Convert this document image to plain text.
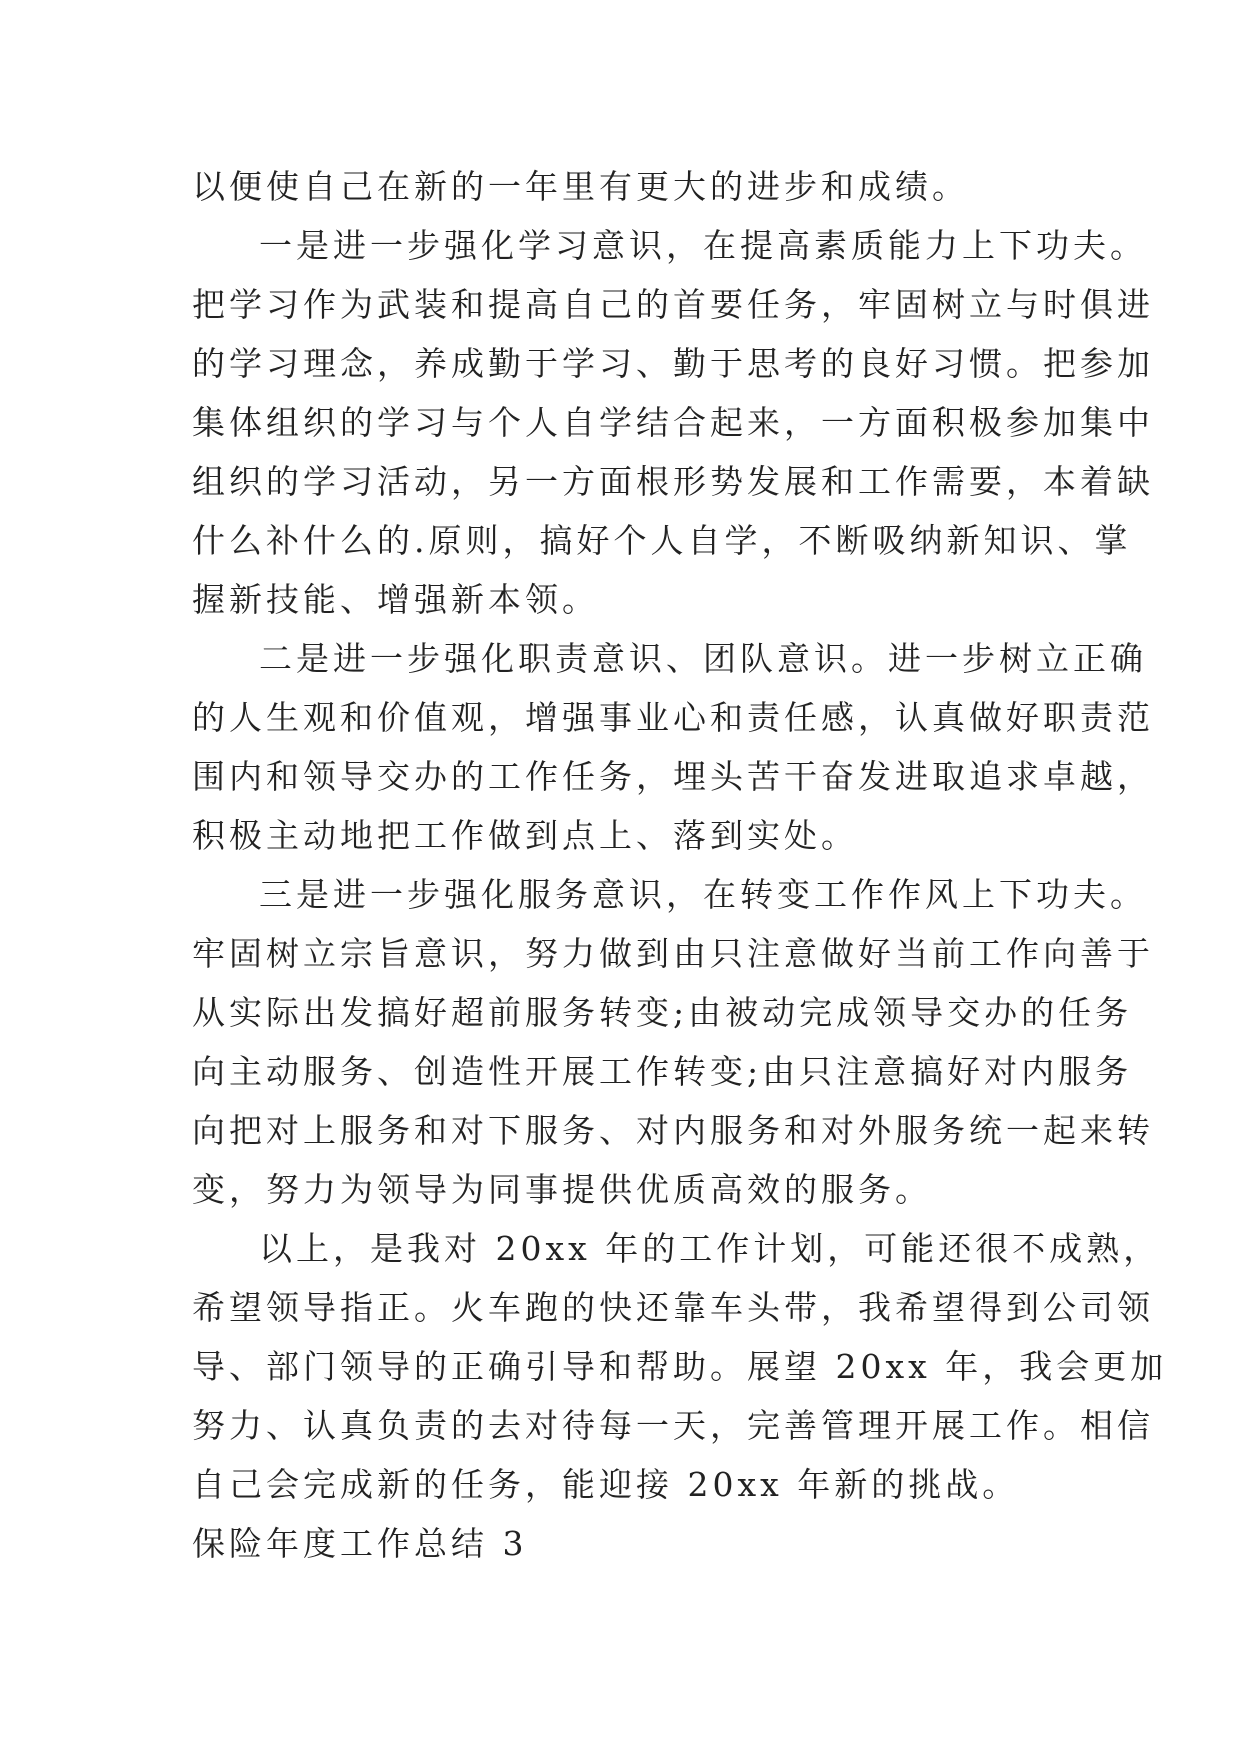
以便使自己在新的一年里有更大的进步和成绩。
一是进一步强化学习意识，在提高素质能力上下功夫。
把学习作为武装和提高自己的首要任务，牢固树立与时俱进
的学习理念，养成勤于学习、勤于思考的良好习惯。把参加
集体组织的学习与个人自学结合起来，一方面积极参加集中
组织的学习活动，另一方面根形势发展和工作需要，本着缺
什么补什么的.原则，搞好个人自学，不断吸纳新知识、掌
握新技能、增强新本领。
二是进一步强化职责意识、团队意识。进一步树立正确
的人生观和价值观，增强事业心和责任感，认真做好职责范
围内和领导交办的工作任务，埋头苦干奋发进取追求卓越，
积极主动地把工作做到点上、落到实处。
三是进一步强化服务意识，在转变工作作风上下功夫。
牢固树立宗旨意识，努力做到由只注意做好当前工作向善于
从实际出发搞好超前服务转变;由被动完成领导交办的任务
向主动服务、创造性开展工作转变;由只注意搞好对内服务
向把对上服务和对下服务、对内服务和对外服务统一起来转
变，努力为领导为同事提供优质高效的服务。
以上，是我对 20xx 年的工作计划，可能还很不成熟，
希望领导指正。火车跑的快还靠车头带，我希望得到公司领
导、部门领导的正确引导和帮助。展望 20xx 年，我会更加
努力、认真负责的去对待每一天，完善管理开展工作。相信
自己会完成新的任务，能迎接 20xx 年新的挑战。
保险年度工作总结 3
